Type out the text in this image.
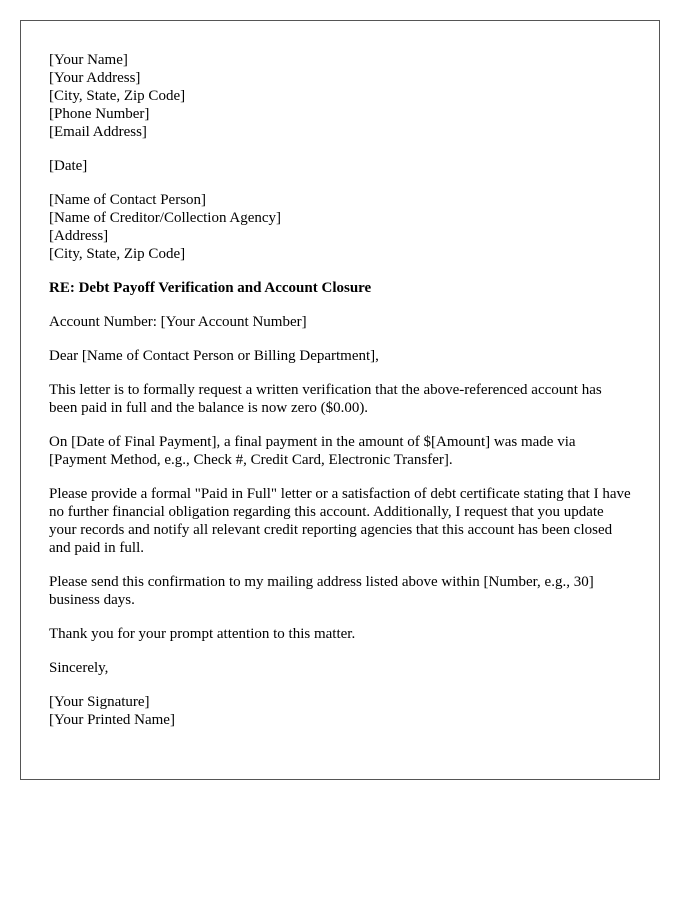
[Your Name]
[Your Address]
[City, State, Zip Code]
[Phone Number]
[Email Address]
[Date]
[Name of Contact Person]
[Name of Creditor/Collection Agency]
[Address]
[City, State, Zip Code]

RE: Debt Payoff Verification and Account Closure

Account Number: [Your Account Number]

Dear [Name of Contact Person or Billing Department],

This letter is to formally request a written verification that the above-referenced account has been paid in full and the balance is now zero ($0.00).

On [Date of Final Payment], a final payment in the amount of $[Amount] was made via [Payment Method, e.g., Check #, Credit Card, Electronic Transfer].

Please provide a formal "Paid in Full" letter or a satisfaction of debt certificate stating that I have no further financial obligation regarding this account. Additionally, I request that you update your records and notify all relevant credit reporting agencies that this account has been closed and paid in full.

Please send this confirmation to my mailing address listed above within [Number, e.g., 30] business days.

Thank you for your prompt attention to this matter.

Sincerely,

[Your Signature]
[Your Printed Name]
